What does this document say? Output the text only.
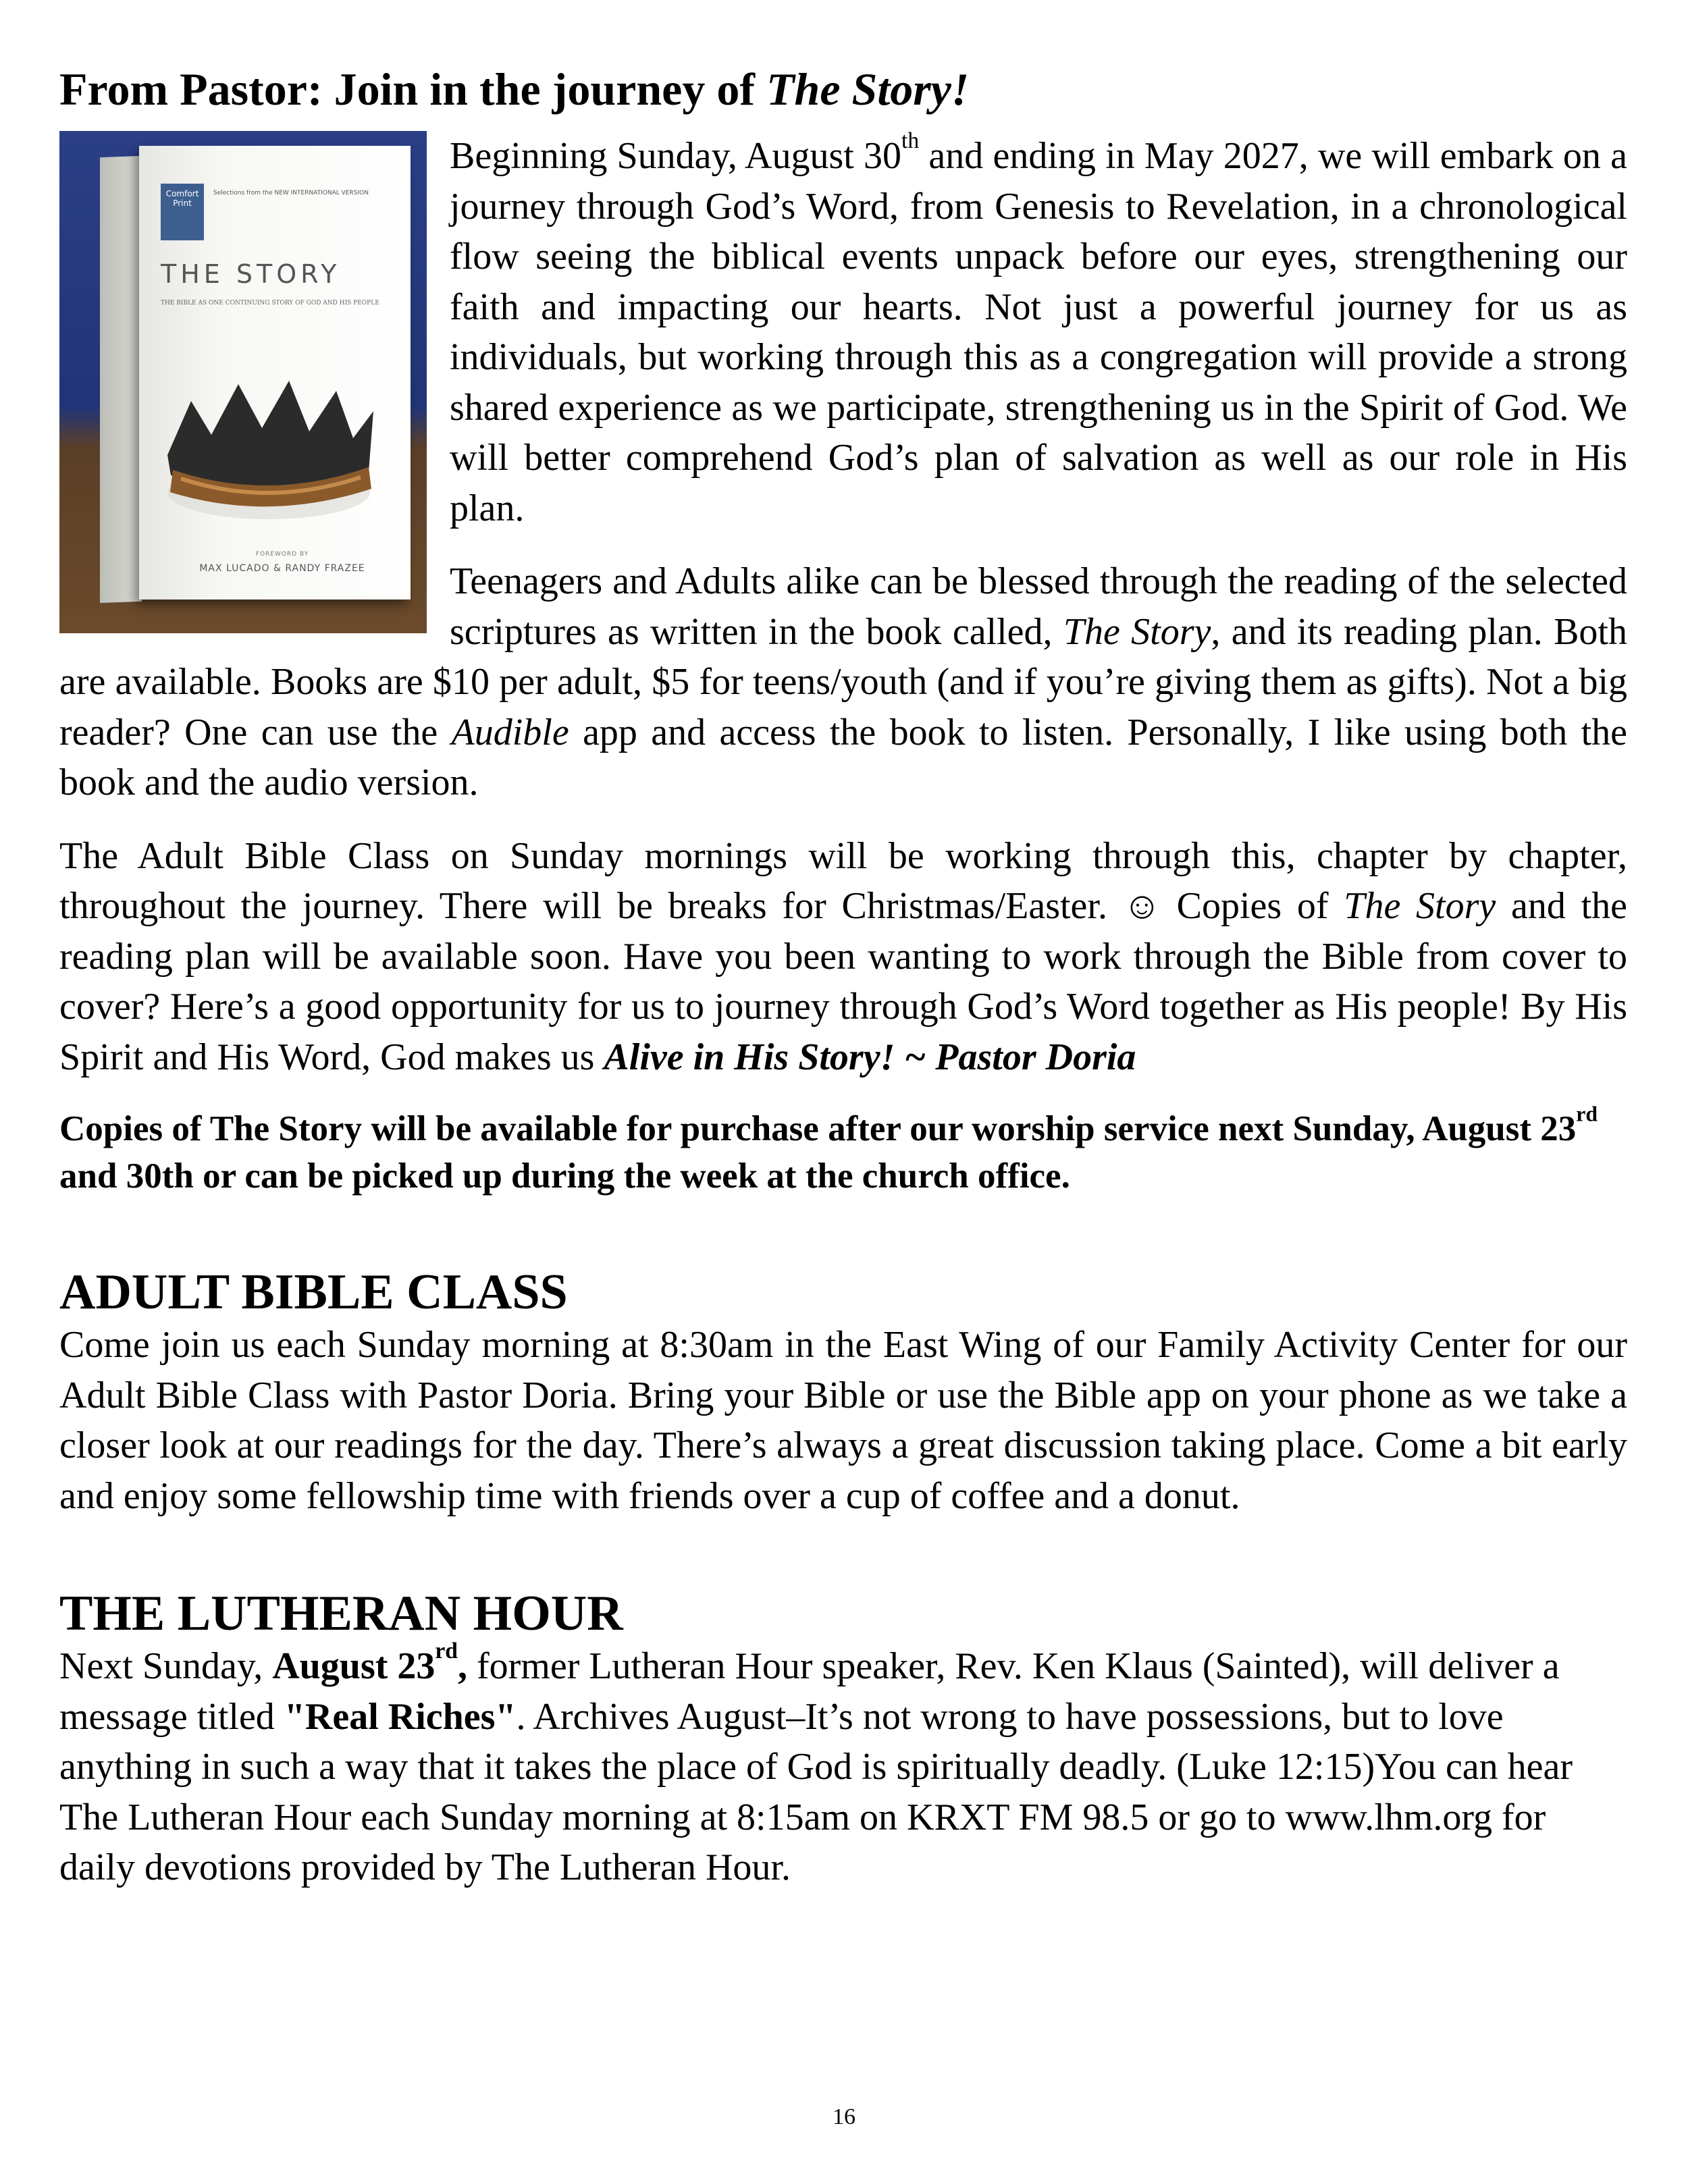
From Pastor: Join in the journey of The Story!
Comfort Print
Selections from the NEW INTERNATIONAL VERSION
THE STORY
THE BIBLE AS ONE CONTINUING STORY OF GOD AND HIS PEOPLE
FOREWORD BY
MAX LUCADO & RANDY FRAZEE

Beginning Sunday, August 30th and ending in May 2027, we will embark on a journey through God’s Word, from Genesis to Revelation, in a chronological flow seeing the biblical events unpack before our eyes, strengthening our faith and impacting our hearts. Not just a powerful journey for us as individuals, but working through this as a congregation will provide a strong shared experience as we participate, strengthening us in the Spirit of God. We will better comprehend God’s plan of salvation as well as our role in His plan.

Teenagers and Adults alike can be blessed through the reading of the selected scriptures as written in the book called, The Story, and its reading plan. Both are available. Books are $10 per adult, $5 for teens/youth (and if you’re giving them as gifts). Not a big reader? One can use the Audible app and access the book to listen. Personally, I like using both the book and the audio version.

The Adult Bible Class on Sunday mornings will be working through this, chapter by chapter, throughout the journey. There will be breaks for Christmas/Easter. ☺ Copies of The Story and the reading plan will be available soon. Have you been wanting to work through the Bible from cover to cover? Here’s a good opportunity for us to journey through God’s Word together as His people! By His Spirit and His Word, God makes us Alive in His Story! ~ Pastor Doria

Copies of The Story will be available for purchase after our worship service next Sunday, August 23rd and 30th or can be picked up during the week at the church office.

ADULT BIBLE CLASS

Come join us each Sunday morning at 8:30am in the East Wing of our Family Activity Center for our Adult Bible Class with Pastor Doria. Bring your Bible or use the Bible app on your phone as we take a closer look at our readings for the day. There’s always a great discussion taking place. Come a bit early and enjoy some fellowship time with friends over a cup of coffee and a donut.

THE LUTHERAN HOUR

Next Sunday, August 23rd, former Lutheran Hour speaker, Rev. Ken Klaus (Sainted), will deliver a message titled "Real Riches". Archives August–It’s not wrong to have possessions, but to love anything in such a way that it takes the place of God is spiritually deadly. (Luke 12:15)You can hear The Lutheran Hour each Sunday morning at 8:15am on KRXT FM 98.5 or go to www.lhm.org for daily devotions provided by The Lutheran Hour.

16
